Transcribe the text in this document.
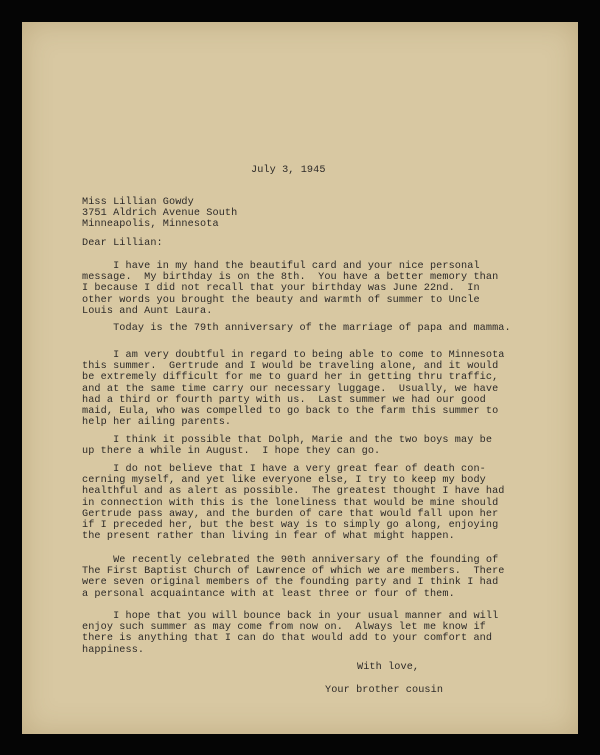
July 3, 1945
Miss Lillian Gowdy
3751 Aldrich Avenue South
Minneapolis, Minnesota
Dear Lillian:
I have in my hand the beautiful card and your nice personal
message.  My birthday is on the 8th.  You have a better memory than
I because I did not recall that your birthday was June 22nd.  In
other words you brought the beauty and warmth of summer to Uncle
Louis and Aunt Laura.
Today is the 79th anniversary of the marriage of papa and mamma.
I am very doubtful in regard to being able to come to Minnesota
this summer.  Gertrude and I would be traveling alone, and it would
be extremely difficult for me to guard her in getting thru traffic,
and at the same time carry our necessary luggage.  Usually, we have
had a third or fourth party with us.  Last summer we had our good
maid, Eula, who was compelled to go back to the farm this summer to
help her ailing parents.
I think it possible that Dolph, Marie and the two boys may be
up there a while in August.  I hope they can go.
I do not believe that I have a very great fear of death con-
cerning myself, and yet like everyone else, I try to keep my body
healthful and as alert as possible.  The greatest thought I have had
in connection with this is the loneliness that would be mine should
Gertrude pass away, and the burden of care that would fall upon her
if I preceded her, but the best way is to simply go along, enjoying
the present rather than living in fear of what might happen.
We recently celebrated the 90th anniversary of the founding of
The First Baptist Church of Lawrence of which we are members.  There
were seven original members of the founding party and I think I had
a personal acquaintance with at least three or four of them.
I hope that you will bounce back in your usual manner and will
enjoy such summer as may come from now on.  Always let me know if
there is anything that I can do that would add to your comfort and
happiness.
With love,
Your brother cousin
